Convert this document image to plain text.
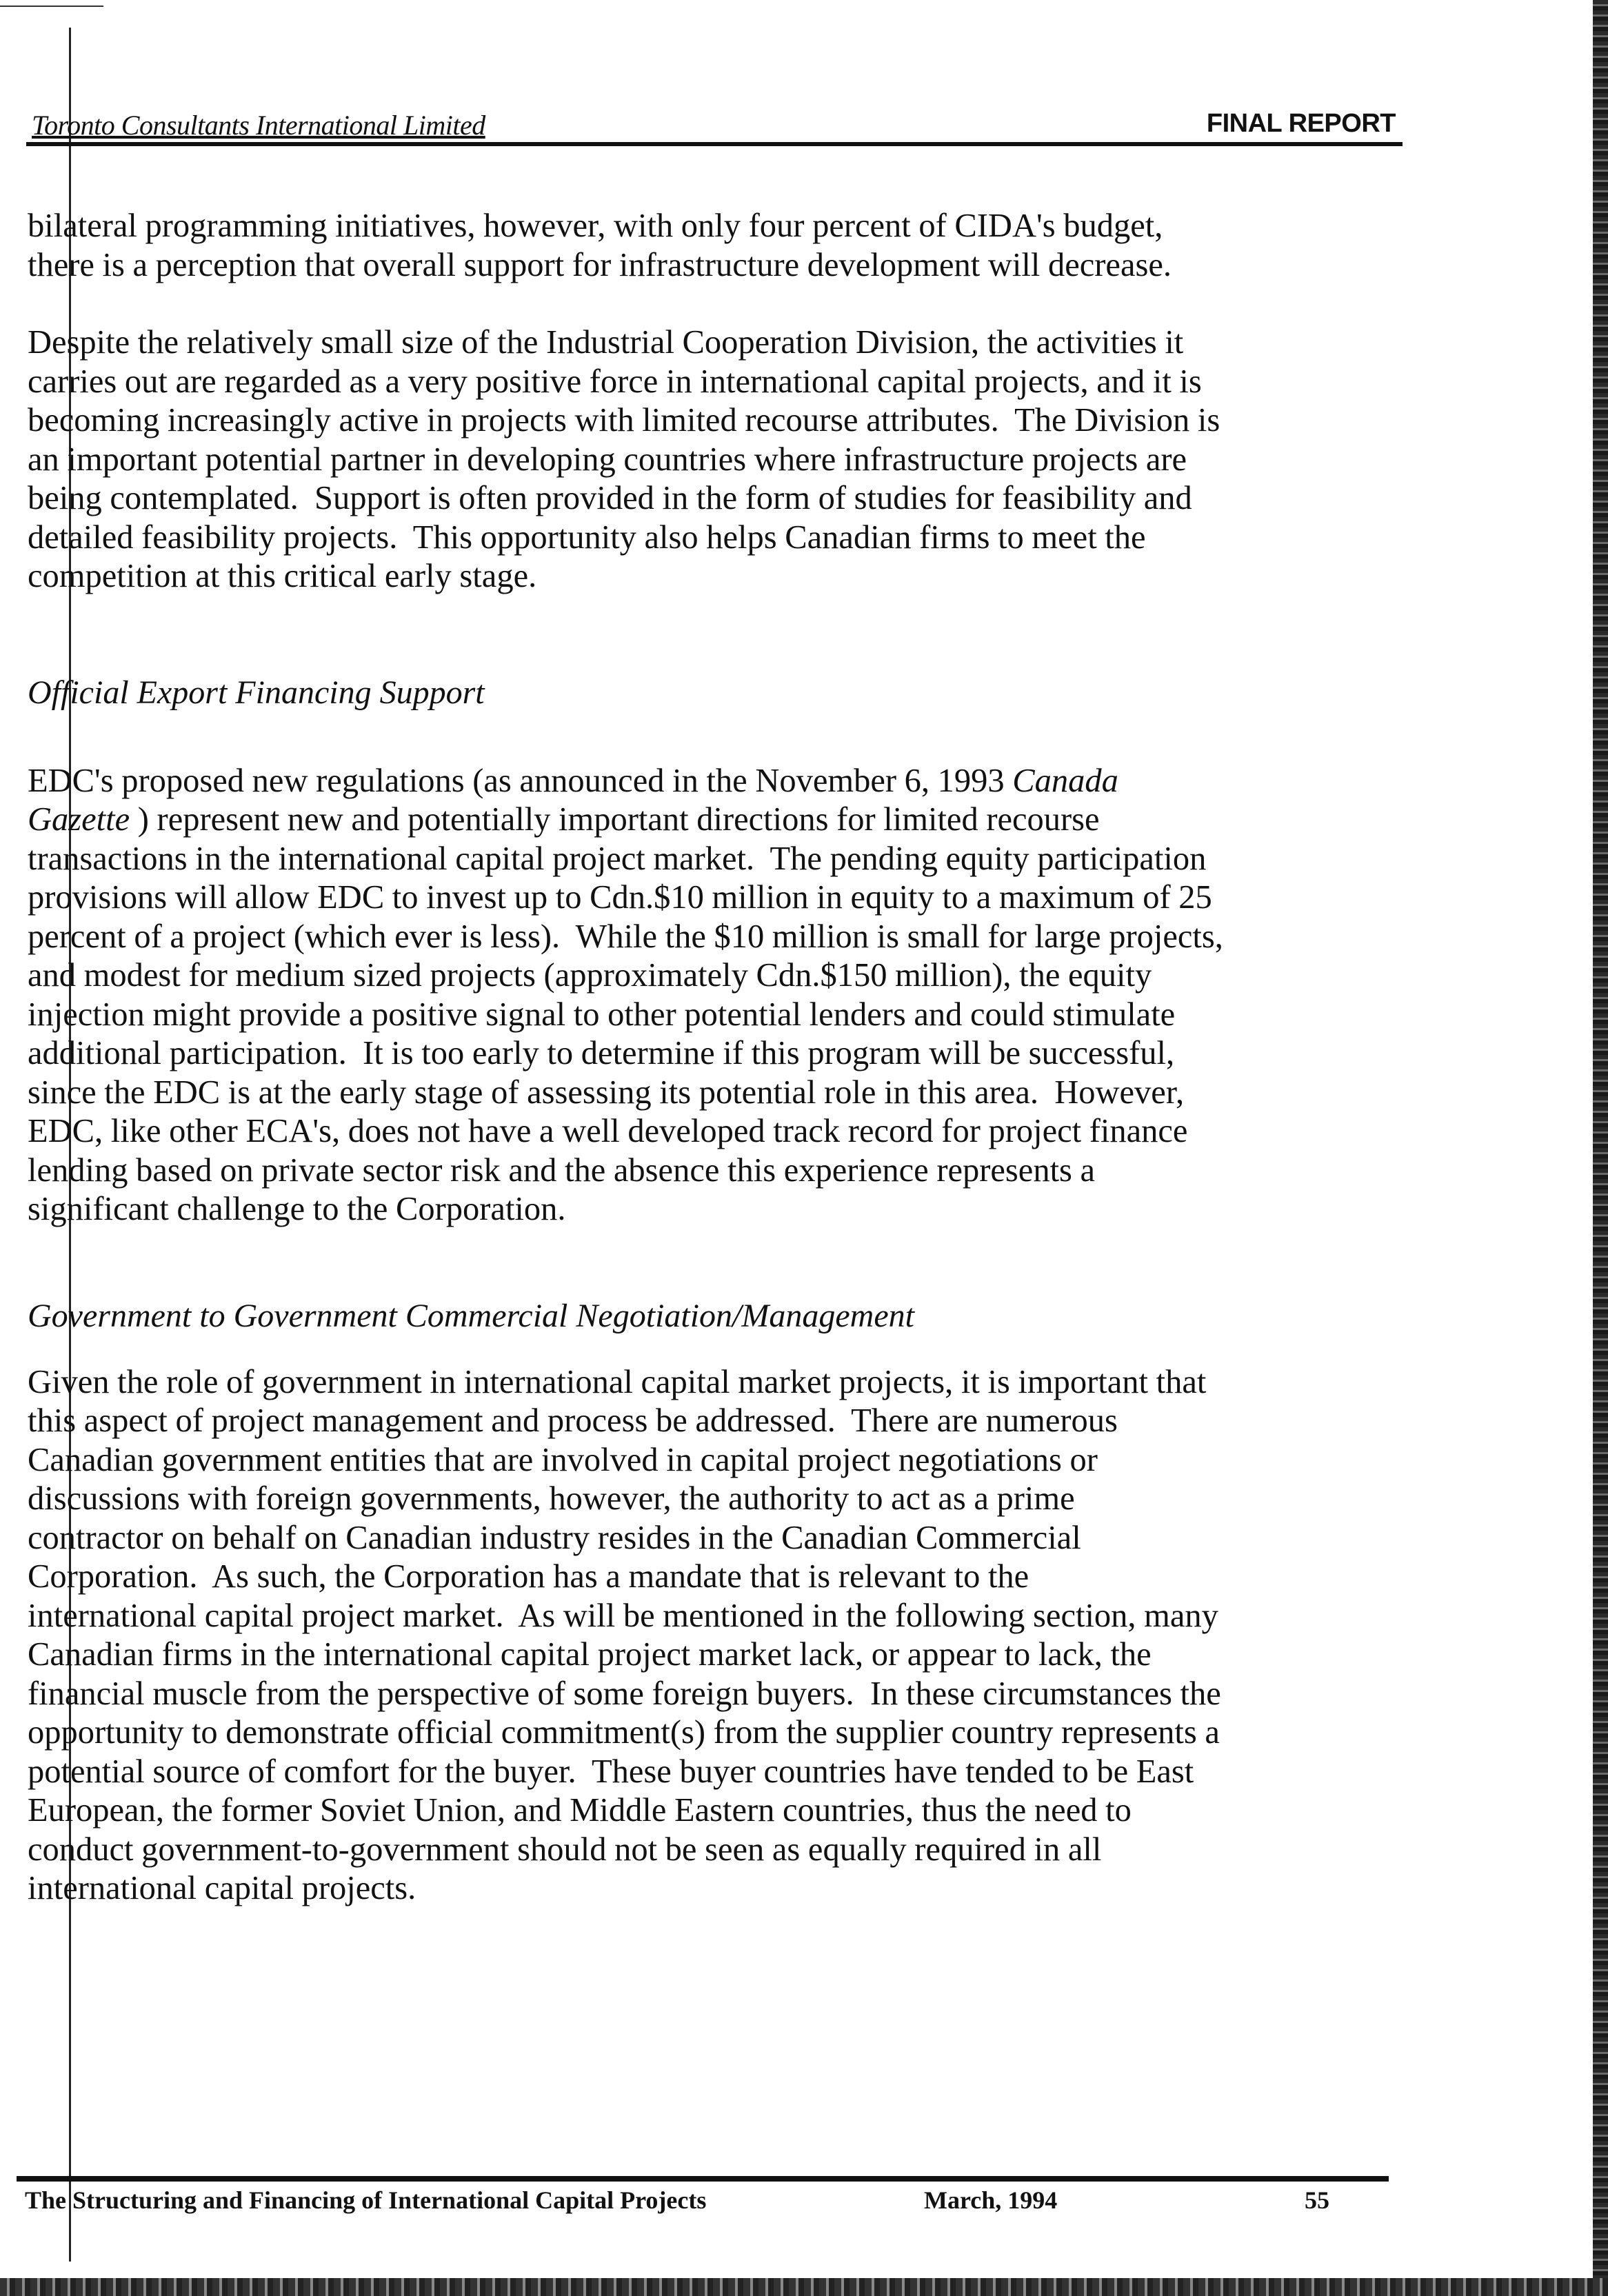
Toronto Consultants International Limited	FINAL REPORT

bilateral programming initiatives, however, with only four percent of CIDA's budget,
there is a perception that overall support for infrastructure development will decrease.

Despite the relatively small size of the Industrial Cooperation Division, the activities it
carries out are regarded as a very positive force in international capital projects, and it is
becoming increasingly active in projects with limited recourse attributes.  The Division is
an important potential partner in developing countries where infrastructure projects are
being contemplated.  Support is often provided in the form of studies for feasibility and
detailed feasibility projects.  This opportunity also helps Canadian firms to meet the
competition at this critical early stage.

Official Export Financing Support

EDC's proposed new regulations (as announced in the November 6, 1993 Canada
Gazette ) represent new and potentially important directions for limited recourse
transactions in the international capital project market.  The pending equity participation
provisions will allow EDC to invest up to Cdn.$10 million in equity to a maximum of 25
percent of a project (which ever is less).  While the $10 million is small for large projects,
and modest for medium sized projects (approximately Cdn.$150 million), the equity
injection might provide a positive signal to other potential lenders and could stimulate
additional participation.  It is too early to determine if this program will be successful,
since the EDC is at the early stage of assessing its potential role in this area.  However,
EDC, like other ECA's, does not have a well developed track record for project finance
lending based on private sector risk and the absence this experience represents a
significant challenge to the Corporation.

Government to Government Commercial Negotiation/Management

Given the role of government in international capital market projects, it is important that
this aspect of project management and process be addressed.  There are numerous
Canadian government entities that are involved in capital project negotiations or
discussions with foreign governments, however, the authority to act as a prime
contractor on behalf on Canadian industry resides in the Canadian Commercial
Corporation.  As such, the Corporation has a mandate that is relevant to the
international capital project market.  As will be mentioned in the following section, many
Canadian firms in the international capital project market lack, or appear to lack, the
financial muscle from the perspective of some foreign buyers.  In these circumstances the
opportunity to demonstrate official commitment(s) from the supplier country represents a
potential source of comfort for the buyer.  These buyer countries have tended to be East
European, the former Soviet Union, and Middle Eastern countries, thus the need to
conduct government-to-government should not be seen as equally required in all
international capital projects.

The Structuring and Financing of International Capital Projects	March, 1994	55
